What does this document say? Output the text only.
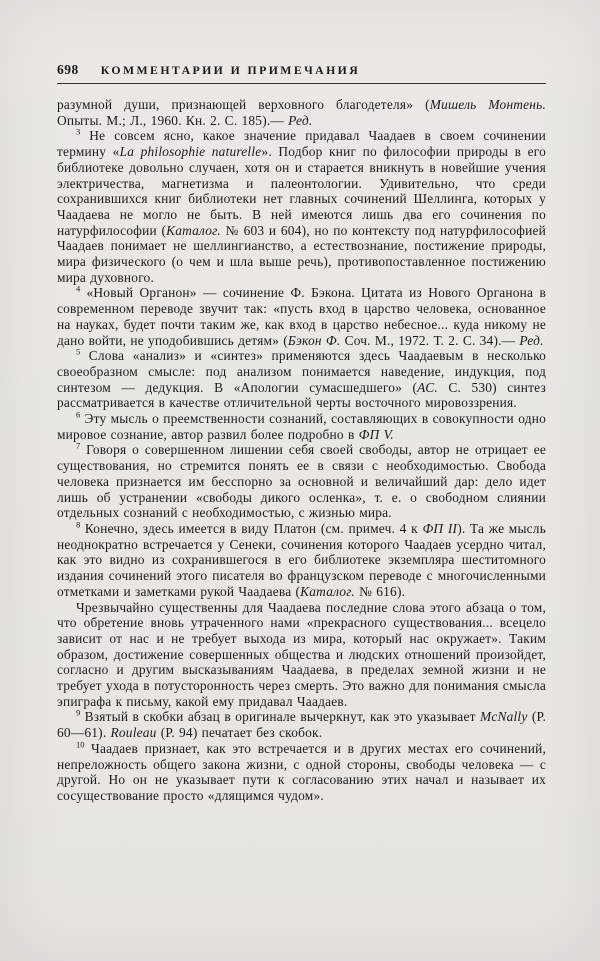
698 КОММЕНТАРИИ И ПРИМЕЧАНИЯ

разумной души, признающей верховного благодетеля» (Мишель Монтень. Опыты. М.; Л., 1960. Кн. 2. С. 185).— Ред.

$^3$ Не совсем ясно, какое значение придавал Чаадаев в своем сочинении термину «La philosophie naturelle». Подбор книг по философии природы в его библиотеке довольно случаен, хотя он и старается вникнуть в новейшие учения электричества, магнетизма и палеонтологии. Удивительно, что среди сохранившихся книг библиотеки нет главных сочинений Шеллинга, которых у Чаадаева не могло не быть. В ней имеются лишь два его сочинения по натурфилософии (Каталог. № 603 и 604), но по контексту под натурфилософией Чаадаев понимает не шеллингианство, а естествознание, постижение природы, мира физического (о чем и шла выше речь), противопоставленное постижению мира духовного.

$^4$ «Новый Органон» — сочинение Ф. Бэкона. Цитата из Нового Органона в современном переводе звучит так: «пусть вход в царство человека, основанное на науках, будет почти таким же, как вход в царство небесное... куда никому не дано войти, не уподобившись детям» (Бэкон Ф. Соч. М., 1972. Т. 2. С. 34).— Ред.

$^5$ Слова «анализ» и «синтез» применяются здесь Чаадаевым в несколько своеобразном смысле: под анализом понимается наведение, индукция, под синтезом — дедукция. В «Апологии сумасшедшего» (АС. С. 530) синтез рассматривается в качестве отличительной черты восточного мировоззрения.

$^6$ Эту мысль о преемственности сознаний, составляющих в совокупности одно мировое сознание, автор развил более подробно в ФП V.

$^7$ Говоря о совершенном лишении себя своей свободы, автор не отрицает ее существования, но стремится понять ее в связи с необходимостью. Свобода человека признается им бесспорно за основной и величайший дар: дело идет лишь об устранении «свободы дикого осленка», т. е. о свободном слиянии отдельных сознаний с необходимостью, с жизнью мира.

$^8$ Конечно, здесь имеется в виду Платон (см. примеч. 4 к ФП II). Та же мысль неоднократно встречается у Сенеки, сочинения которого Чаадаев усердно читал, как это видно из сохранившегося в его библиотеке экземпляра шеститомного издания сочинений этого писателя во французском переводе с многочисленными отметками и заметками рукой Чаадаева (Каталог. № 616).

Чрезвычайно существенны для Чаадаева последние слова этого абзаца о том, что обретение вновь утраченного нами «прекрасного существования... всецело зависит от нас и не требует выхода из мира, который нас окружает». Таким образом, достижение совершенных общества и людских отношений произойдет, согласно и другим высказываниям Чаадаева, в пределах земной жизни и не требует ухода в потусторонность через смерть. Это важно для понимания смысла эпиграфа к письму, какой ему придавал Чаадаев.

$^9$ Взятый в скобки абзац в оригинале вычеркнут, как это указывает McNally (Р. 60—61). Rouleau (Р. 94) печатает без скобок.

$^{10}$ Чаадаев признает, как это встречается и в других местах его сочинений, непреложность общего закона жизни, с одной стороны, свободы человека — с другой. Но он не указывает пути к согласованию этих начал и называет их сосуществование просто «длящимся чудом».
